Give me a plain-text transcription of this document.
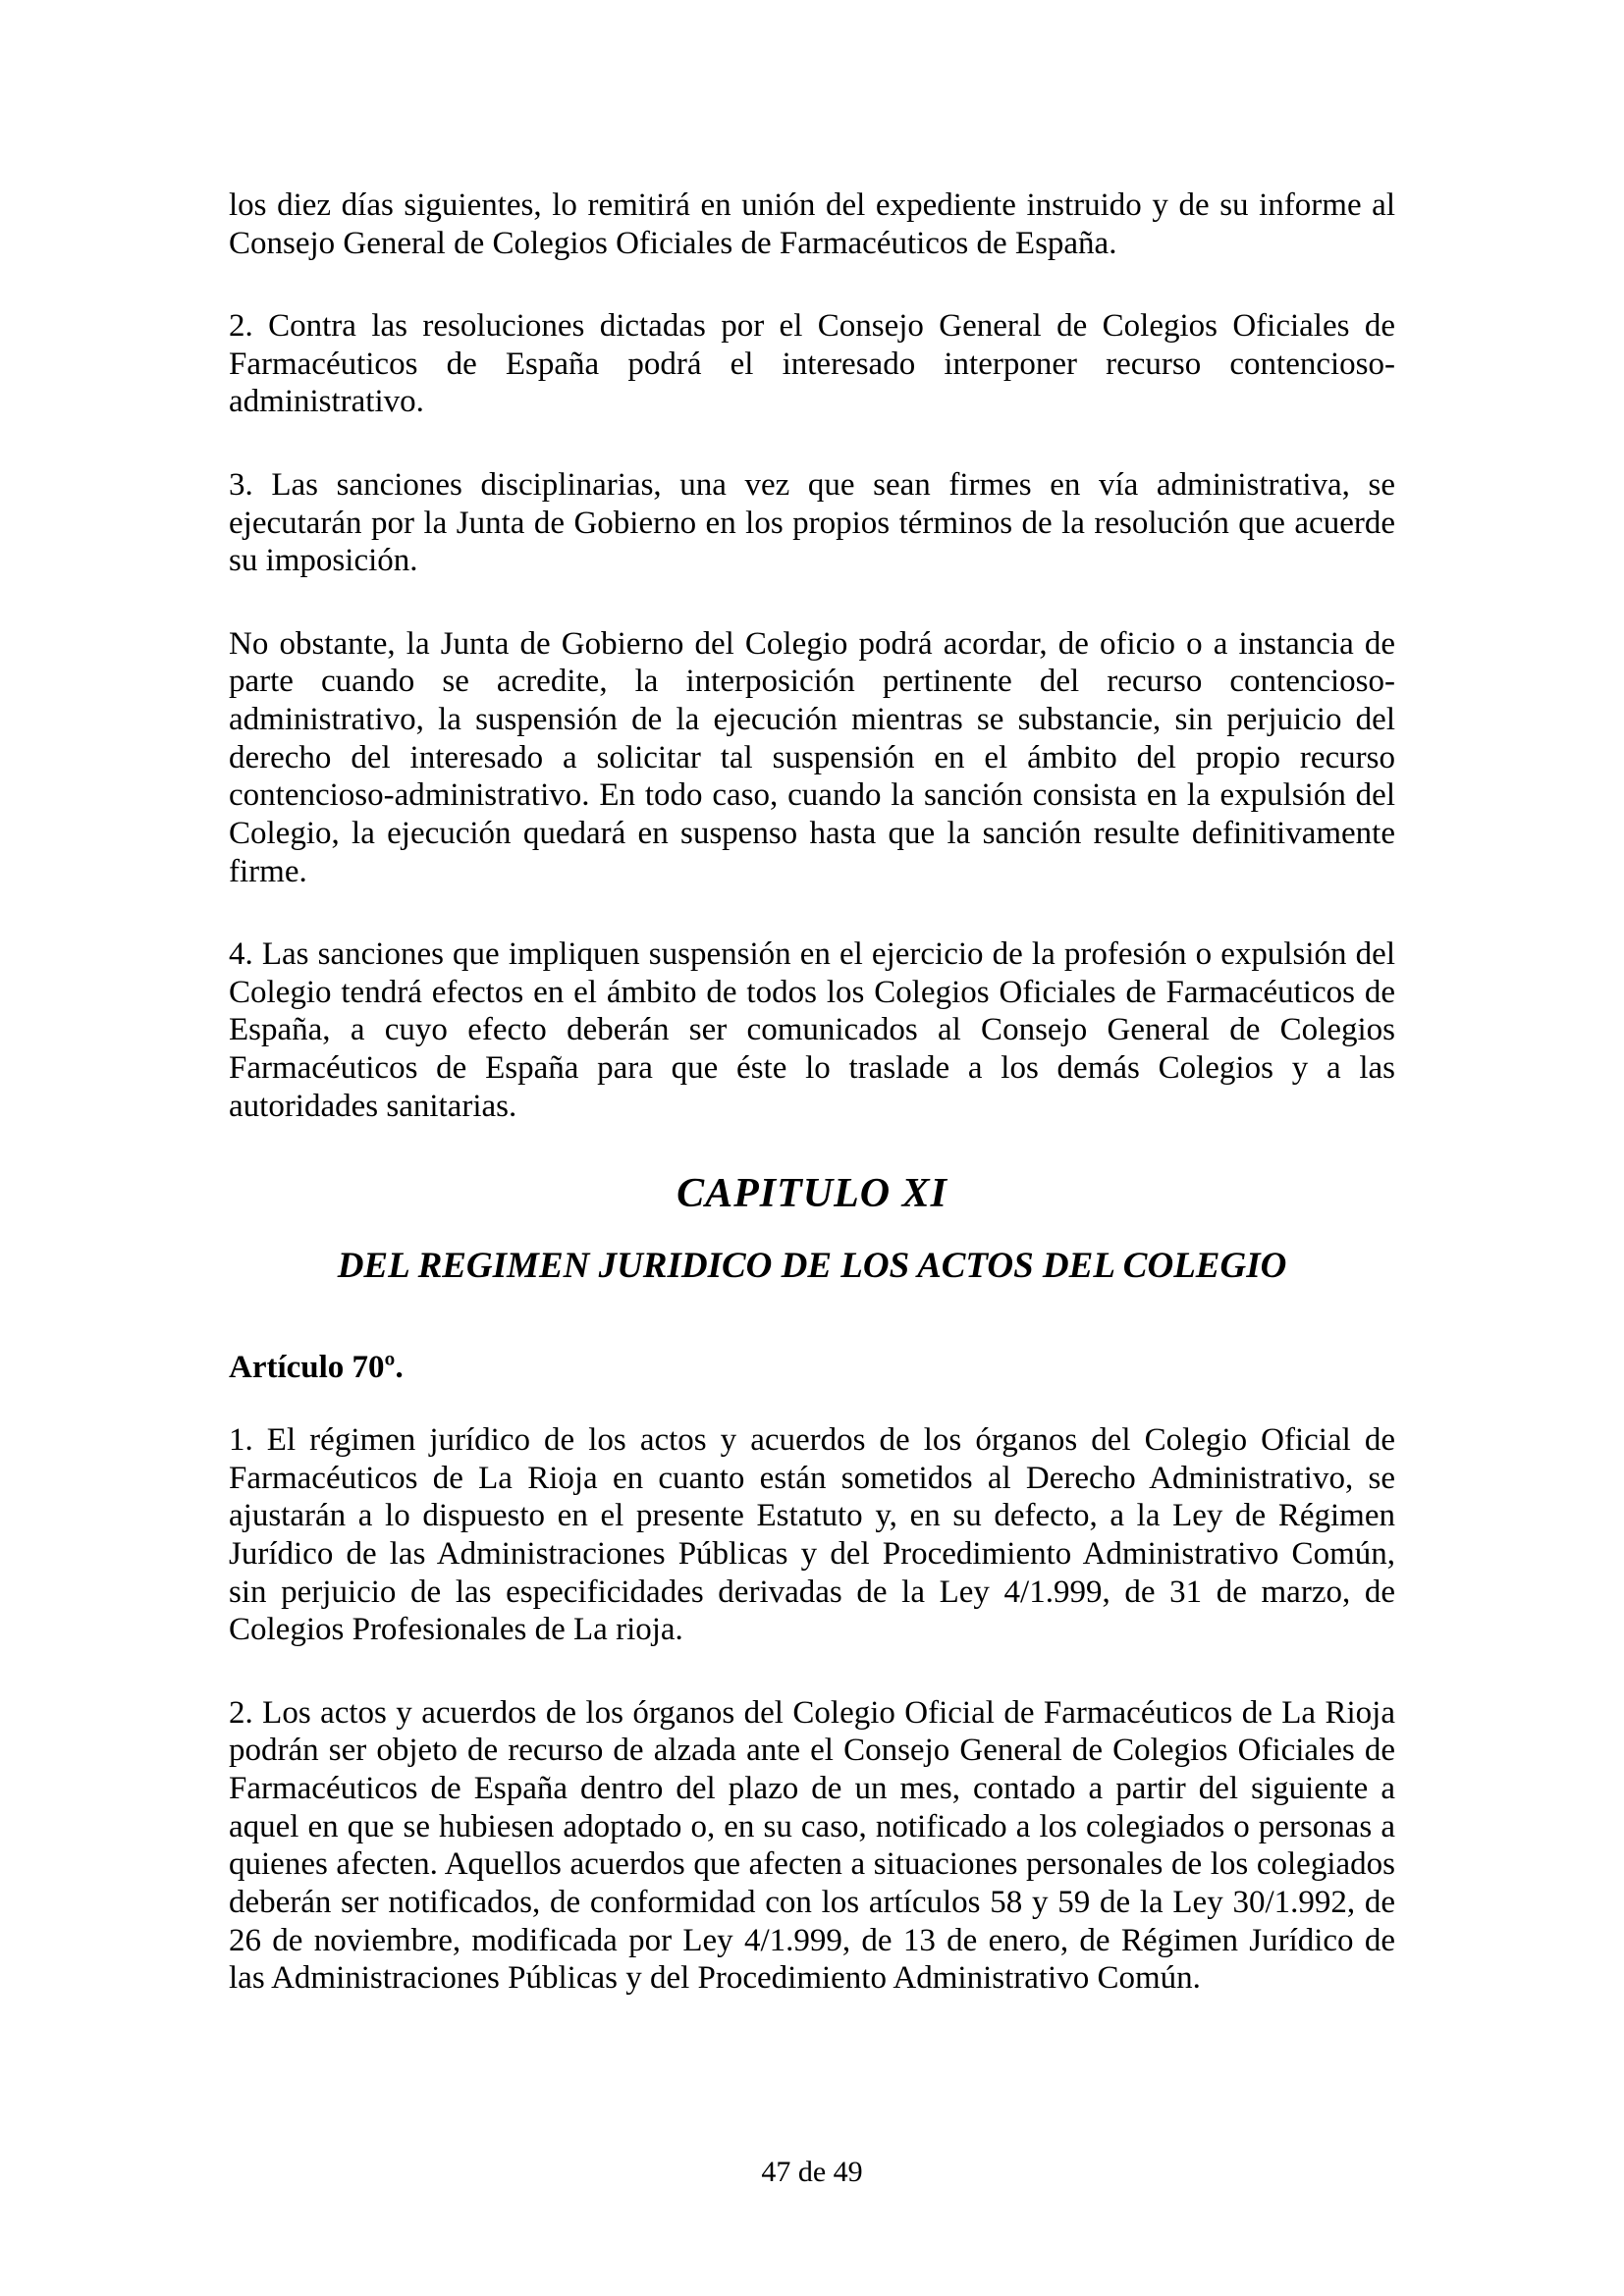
los diez días siguientes, lo remitirá en unión del expediente instruido y de su informe al Consejo General de Colegios Oficiales de Farmacéuticos de España.

2. Contra las resoluciones dictadas por el Consejo General de Colegios Oficiales de Farmacéuticos de España podrá el interesado interponer recurso contencioso-administrativo.

3. Las sanciones disciplinarias, una vez que sean firmes en vía administrativa, se ejecutarán por la Junta de Gobierno en los propios términos de la resolución que acuerde su imposición.

No obstante, la Junta de Gobierno del Colegio podrá acordar, de oficio o a instancia de parte cuando se acredite, la interposición pertinente del recurso contencioso-administrativo, la suspensión de la ejecución mientras se substancie, sin perjuicio del derecho del interesado a solicitar tal suspensión en el ámbito del propio recurso contencioso-administrativo. En todo caso, cuando la sanción consista en la expulsión del Colegio, la ejecución quedará en suspenso hasta que la sanción resulte definitivamente firme.

4. Las sanciones que impliquen suspensión en el ejercicio de la profesión o expulsión del Colegio tendrá efectos en el ámbito de todos los Colegios Oficiales de Farmacéuticos de España, a cuyo efecto deberán ser comunicados al Consejo General de Colegios Farmacéuticos de España para que éste lo traslade a los demás Colegios y a las autoridades sanitarias.

CAPITULO XI
DEL REGIMEN JURIDICO DE LOS ACTOS DEL COLEGIO
Artículo 70º.

1. El régimen jurídico de los actos y acuerdos de los órganos del Colegio Oficial de Farmacéuticos de La Rioja en cuanto están sometidos al Derecho Administrativo, se ajustarán a lo dispuesto en el presente Estatuto y, en su defecto, a la Ley de Régimen Jurídico de las Administraciones Públicas y del Procedimiento Administrativo Común, sin perjuicio de las especificidades derivadas de la Ley 4/1.999, de 31 de marzo, de Colegios Profesionales de La rioja.

2. Los actos y acuerdos de los órganos del Colegio Oficial de Farmacéuticos de La Rioja podrán ser objeto de recurso de alzada ante el Consejo General de Colegios Oficiales de Farmacéuticos de España dentro del plazo de un mes, contado a partir del siguiente a aquel en que se hubiesen adoptado o, en su caso, notificado a los colegiados o personas a quienes afecten. Aquellos acuerdos que afecten a situaciones personales de los colegiados deberán ser notificados, de conformidad con los artículos 58 y 59 de la Ley 30/1.992, de 26 de noviembre, modificada por Ley 4/1.999, de 13 de enero, de Régimen Jurídico de las Administraciones Públicas y del Procedimiento Administrativo Común.

47 de 49
